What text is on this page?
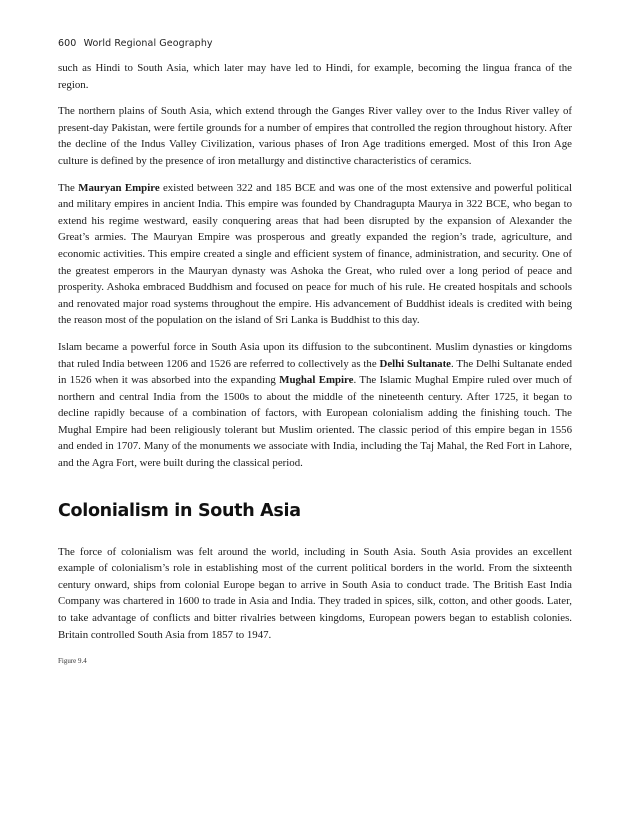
600 World Regional Geography

such as Hindi to South Asia, which later may have led to Hindi, for example, becoming the lingua franca of the region.

The northern plains of South Asia, which extend through the Ganges River valley over to the Indus River valley of present-day Pakistan, were fertile grounds for a number of empires that controlled the region throughout history. After the decline of the Indus Valley Civilization, various phases of Iron Age traditions emerged. Most of this Iron Age culture is defined by the presence of iron metallurgy and distinctive characteristics of ceramics.

The Mauryan Empire existed between 322 and 185 BCE and was one of the most extensive and powerful political and military empires in ancient India. This empire was founded by Chandragupta Maurya in 322 BCE, who began to extend his regime westward, easily conquering areas that had been disrupted by the expansion of Alexander the Great’s armies. The Mauryan Empire was prosperous and greatly expanded the region’s trade, agriculture, and economic activities. This empire created a single and efficient system of finance, administration, and security. One of the greatest emperors in the Mauryan dynasty was Ashoka the Great, who ruled over a long period of peace and prosperity. Ashoka embraced Buddhism and focused on peace for much of his rule. He created hospitals and schools and renovated major road systems throughout the empire. His advancement of Buddhist ideals is credited with being the reason most of the population on the island of Sri Lanka is Buddhist to this day.

Islam became a powerful force in South Asia upon its diffusion to the subcontinent. Muslim dynasties or kingdoms that ruled India between 1206 and 1526 are referred to collectively as the Delhi Sultanate. The Delhi Sultanate ended in 1526 when it was absorbed into the expanding Mughal Empire. The Islamic Mughal Empire ruled over much of northern and central India from the 1500s to about the middle of the nineteenth century. After 1725, it began to decline rapidly because of a combination of factors, with European colonialism adding the finishing touch. The Mughal Empire had been religiously tolerant but Muslim oriented. The classic period of this empire began in 1556 and ended in 1707. Many of the monuments we associate with India, including the Taj Mahal, the Red Fort in Lahore, and the Agra Fort, were built during the classical period.

Colonialism in South Asia

The force of colonialism was felt around the world, including in South Asia. South Asia provides an excellent example of colonialism’s role in establishing most of the current political borders in the world. From the sixteenth century onward, ships from colonial Europe began to arrive in South Asia to conduct trade. The British East India Company was chartered in 1600 to trade in Asia and India. They traded in spices, silk, cotton, and other goods. Later, to take advantage of conflicts and bitter rivalries between kingdoms, European powers began to establish colonies. Britain controlled South Asia from 1857 to 1947.

Figure 9.4
